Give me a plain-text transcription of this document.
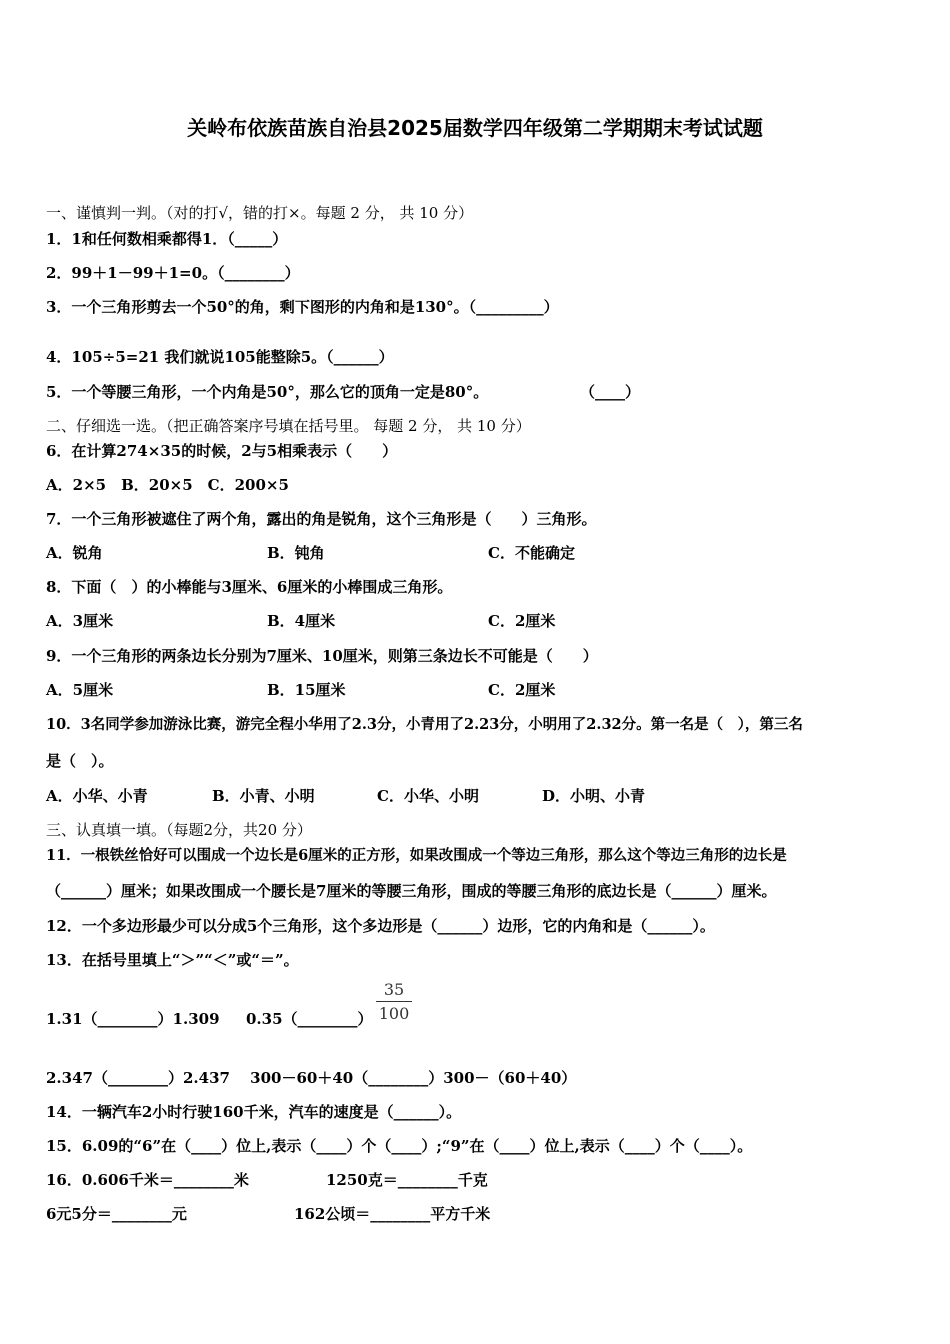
关岭布依族苗族自治县2025届数学四年级第二学期期末考试试题
一、谨慎判一判。（对的打√，错的打×。每题 2 分， 共 10 分）
1．1和任何数相乘都得1．（_____）
2．99＋1－99＋1=0。（________）
3．一个三角形剪去一个50°的角，剩下图形的内角和是130°。（_________）
4．105÷5=21 我们就说105能整除5。（______）
5．一个等腰三角形，一个内角是50°，那么它的顶角一定是80°。	（____）
二、仔细选一选。（把正确答案序号填在括号里。 每题 2 分， 共 10 分）
6．在计算274×35的时候，2与5相乘表示（　　）
A．2×5　B．20×5　C．200×5
7．一个三角形被遮住了两个角，露出的角是锐角，这个三角形是（　　）三角形。
A．锐角	B．钝角	C．不能确定
8．下面（　）的小棒能与3厘米、6厘米的小棒围成三角形。
A．3厘米	B．4厘米	C．2厘米
9．一个三角形的两条边长分别为7厘米、10厘米，则第三条边长不可能是（　　）
A．5厘米	B．15厘米	C．2厘米
10．3名同学参加游泳比赛，游完全程小华用了2.3分，小青用了2.23分，小明用了2.32分。第一名是（　），第三名
是（　）。
A．小华、小青	B．小青、小明	C．小华、小明	D．小明、小青
三、认真填一填。（每题2分，共20 分）
11．一根铁丝恰好可以围成一个边长是6厘米的正方形，如果改围成一个等边三角形，那么这个等边三角形的边长是
（______）厘米；如果改围成一个腰长是7厘米的等腰三角形，围成的等腰三角形的底边长是（______）厘米。
12．一个多边形最少可以分成5个三角形，这个多边形是（______）边形，它的内角和是（______）。
13．在括号里填上“＞”“＜”或“＝”。
1.31（________）1.309 0.35（________） $\frac{35}{100}$
2.347（________）2.437　 300－60＋40（________）300－（60＋40）
14．一辆汽车2小时行驶160千米，汽车的速度是（______）。
15．6.09的“6”在（____）位上,表示（____）个（____）;“9”在（____）位上,表示（____）个（____）。
16．0.606千米＝________米	1250克＝________千克
6元5分＝________元	162公顷＝________平方千米
